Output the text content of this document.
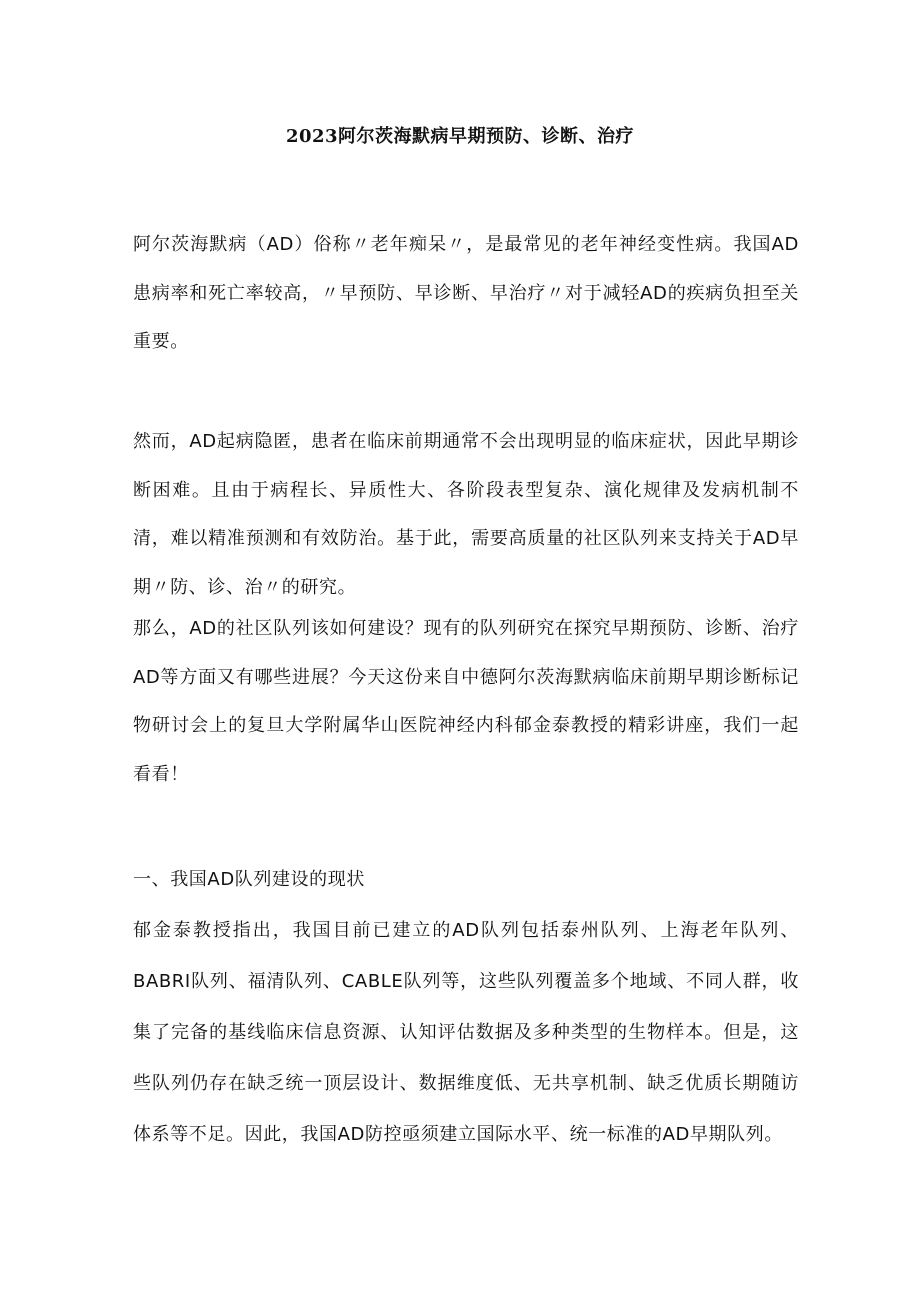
2023阿尔茨海默病早期预防、诊断、治疗

阿尔茨海默病（AD）俗称〃老年痴呆〃，是最常见的老年神经变性病。我国AD患病率和死亡率较高，〃早预防、早诊断、早治疗〃对于减轻AD的疾病负担至关重要。

然而，AD起病隐匿，患者在临床前期通常不会出现明显的临床症状，因此早期诊断困难。且由于病程长、异质性大、各阶段表型复杂、演化规律及发病机制不清，难以精准预测和有效防治。基于此，需要高质量的社区队列来支持关于AD早期〃防、诊、治〃的研究。

那么，AD的社区队列该如何建设？现有的队列研究在探究早期预防、诊断、治疗AD等方面又有哪些进展？今天这份来自中德阿尔茨海默病临床前期早期诊断标记物研讨会上的复旦大学附属华山医院神经内科郁金泰教授的精彩讲座，我们一起看看！

一、我国AD队列建设的现状

郁金泰教授指出，我国目前已建立的AD队列包括泰州队列、上海老年队列、BABRI队列、福清队列、CABLE队列等，这些队列覆盖多个地域、不同人群，收集了完备的基线临床信息资源、认知评估数据及多种类型的生物样本。但是，这些队列仍存在缺乏统一顶层设计、数据维度低、无共享机制、缺乏优质长期随访体系等不足。因此，我国AD防控亟须建立国际水平、统一标准的AD早期队列。
